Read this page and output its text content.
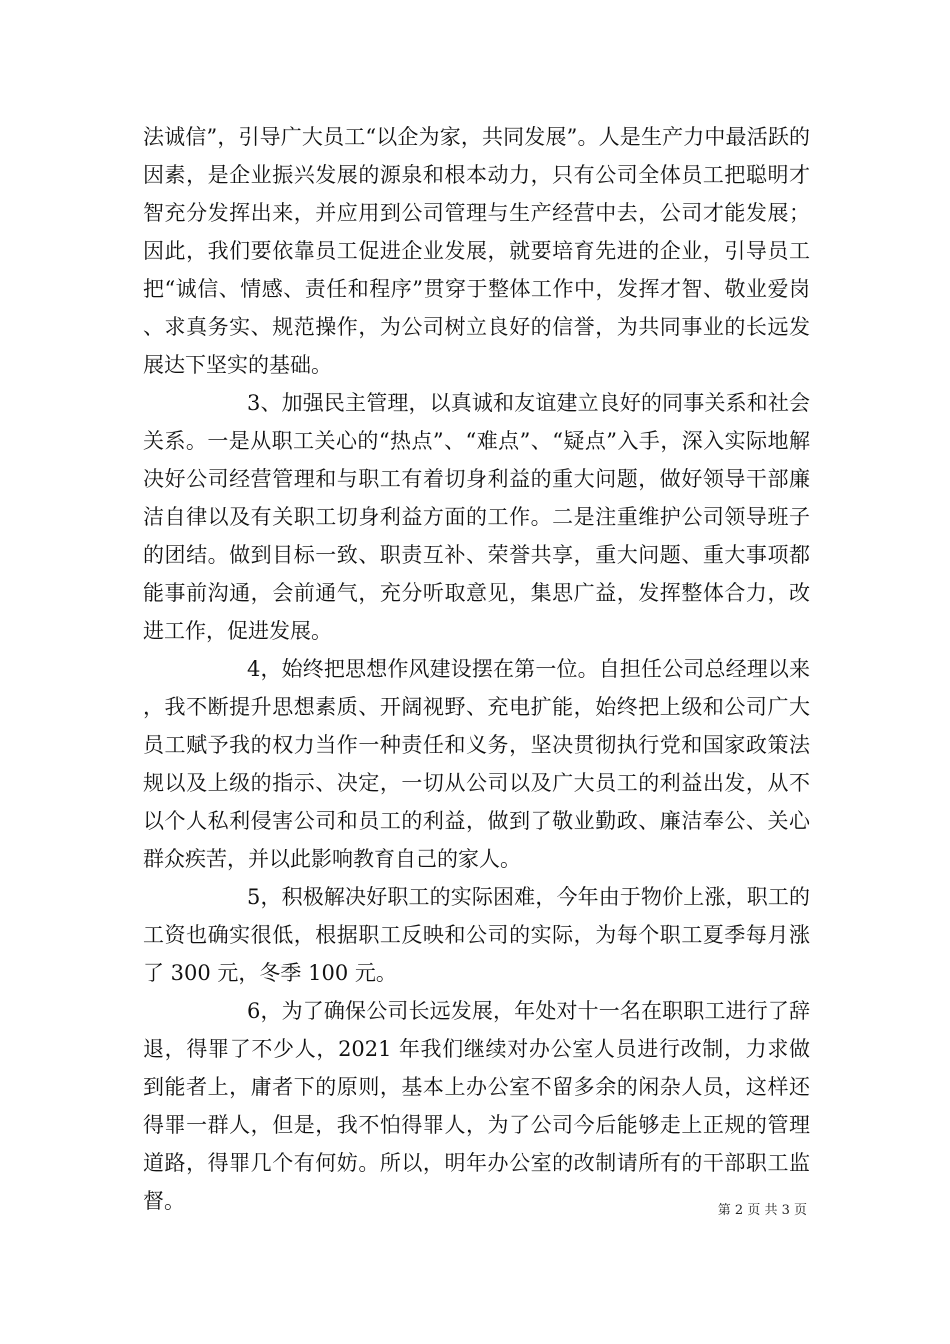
法诚信”，引导广大员工“以企为家，共同发展”。人是生产力中最活跃的因素，是企业振兴发展的源泉和根本动力，只有公司全体员工把聪明才智充分发挥出来，并应用到公司管理与生产经营中去，公司才能发展；因此，我们要依靠员工促进企业发展，就要培育先进的企业，引导员工把“诚信、情感、责任和程序”贯穿于整体工作中，发挥才智、敬业爱岗、求真务实、规范操作，为公司树立良好的信誉，为共同事业的长远发展达下坚实的基础。

3、加强民主管理，以真诚和友谊建立良好的同事关系和社会关系。一是从职工关心的“热点”、“难点”、“疑点”入手，深入实际地解决好公司经营管理和与职工有着切身利益的重大问题，做好领导干部廉洁自律以及有关职工切身利益方面的工作。二是注重维护公司领导班子的团结。做到目标一致、职责互补、荣誉共享，重大问题、重大事项都能事前沟通，会前通气，充分听取意见，集思广益，发挥整体合力，改进工作，促进发展。

4，始终把思想作风建设摆在第一位。自担任公司总经理以来，我不断提升思想素质、开阔视野、充电扩能，始终把上级和公司广大员工赋予我的权力当作一种责任和义务，坚决贯彻执行党和国家政策法规以及上级的指示、决定，一切从公司以及广大员工的利益出发，从不以个人私利侵害公司和员工的利益，做到了敬业勤政、廉洁奉公、关心群众疾苦，并以此影响教育自己的家人。

5，积极解决好职工的实际困难，今年由于物价上涨，职工的工资也确实很低，根据职工反映和公司的实际，为每个职工夏季每月涨了 300 元，冬季 100 元。

6，为了确保公司长远发展，年处对十一名在职职工进行了辞退，得罪了不少人，2021 年我们继续对办公室人员进行改制，力求做到能者上，庸者下的原则，基本上办公室不留多余的闲杂人员，这样还得罪一群人，但是，我不怕得罪人，为了公司今后能够走上正规的管理道路，得罪几个有何妨。所以，明年办公室的改制请所有的干部职工监督。	第 2 页 共 3 页
